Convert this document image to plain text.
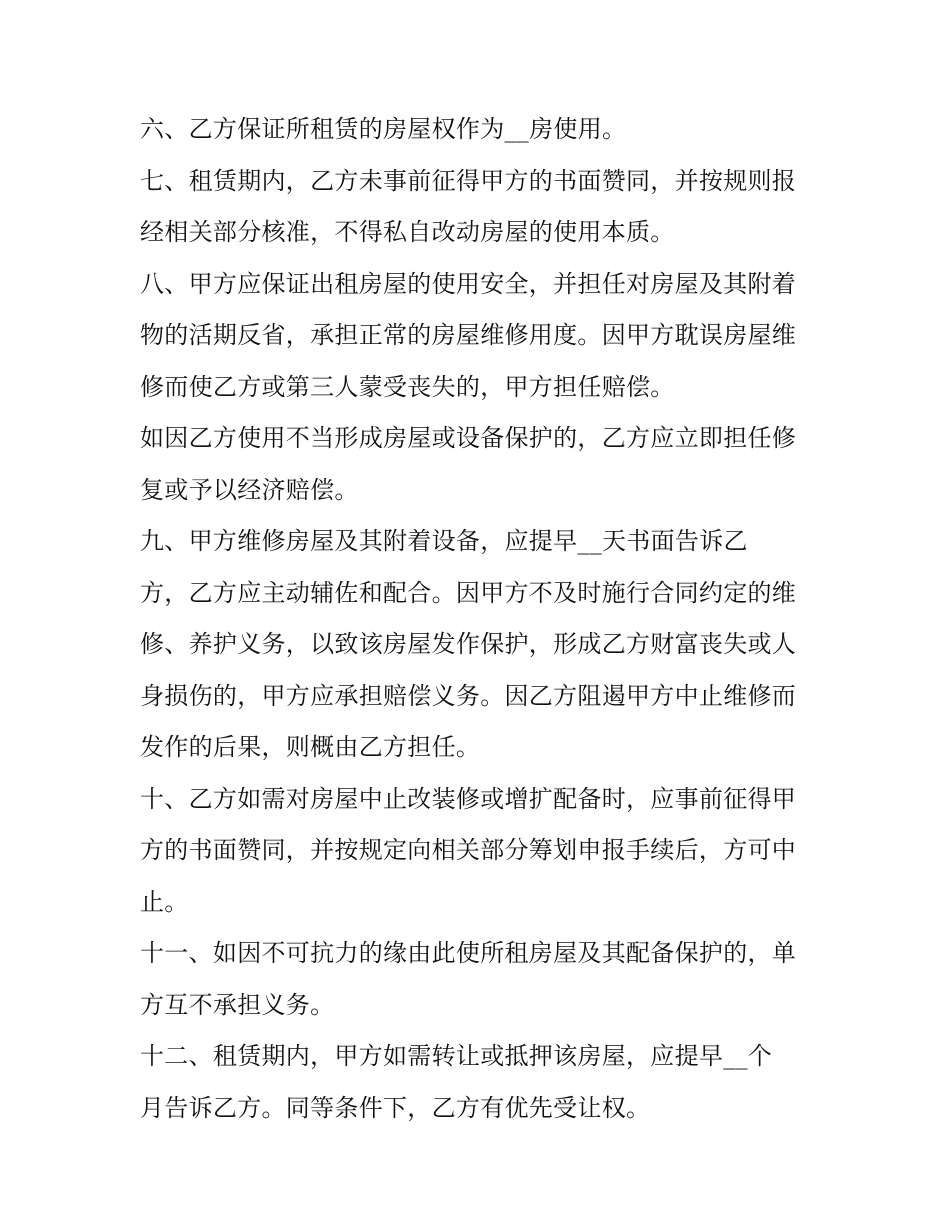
六、乙方保证所租赁的房屋权作为__房使用。
七、租赁期内，乙方未事前征得甲方的书面赞同，并按规则报
经相关部分核准，不得私自改动房屋的使用本质。
八、甲方应保证出租房屋的使用安全，并担任对房屋及其附着
物的活期反省，承担正常的房屋维修用度。因甲方耽误房屋维
修而使乙方或第三人蒙受丧失的，甲方担任赔偿。
如因乙方使用不当形成房屋或设备保护的，乙方应立即担任修
复或予以经济赔偿。
九、甲方维修房屋及其附着设备，应提早__天书面告诉乙
方，乙方应主动辅佐和配合。因甲方不及时施行合同约定的维
修、养护义务，以致该房屋发作保护，形成乙方财富丧失或人
身损伤的，甲方应承担赔偿义务。因乙方阻遏甲方中止维修而
发作的后果，则概由乙方担任。
十、乙方如需对房屋中止改装修或增扩配备时，应事前征得甲
方的书面赞同，并按规定向相关部分筹划申报手续后，方可中
止。
十一、如因不可抗力的缘由此使所租房屋及其配备保护的，单
方互不承担义务。
十二、租赁期内，甲方如需转让或抵押该房屋，应提早__个
月告诉乙方。同等条件下，乙方有优先受让权。
